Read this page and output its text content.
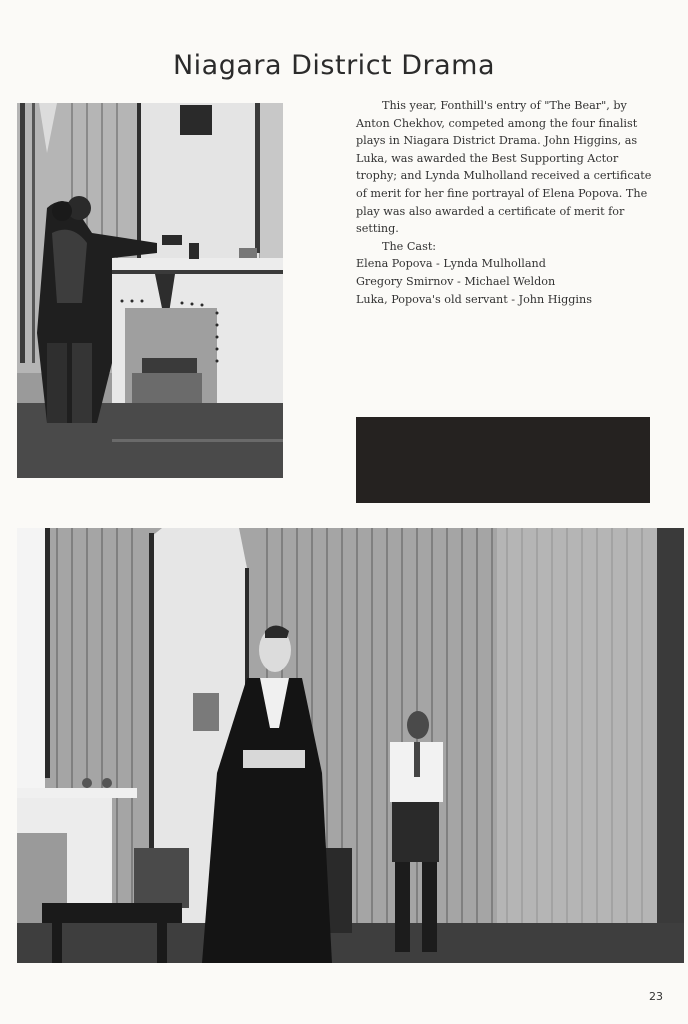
Niagara District Drama

This year, Fonthill's entry of "The Bear", by Anton Chekhov, competed among the four finalist plays in Niagara District Drama. John Higgins, as Luka, was awarded the Best Supporting Actor trophy; and Lynda Mulholland received a certificate of merit for her fine portrayal of Elena Popova. The play was also awarded a certificate of merit for setting.

The Cast:

Elena Popova - Lynda Mulholland

Gregory Smirnov - Michael Weldon

Luka, Popova's old servant - John Higgins

23
